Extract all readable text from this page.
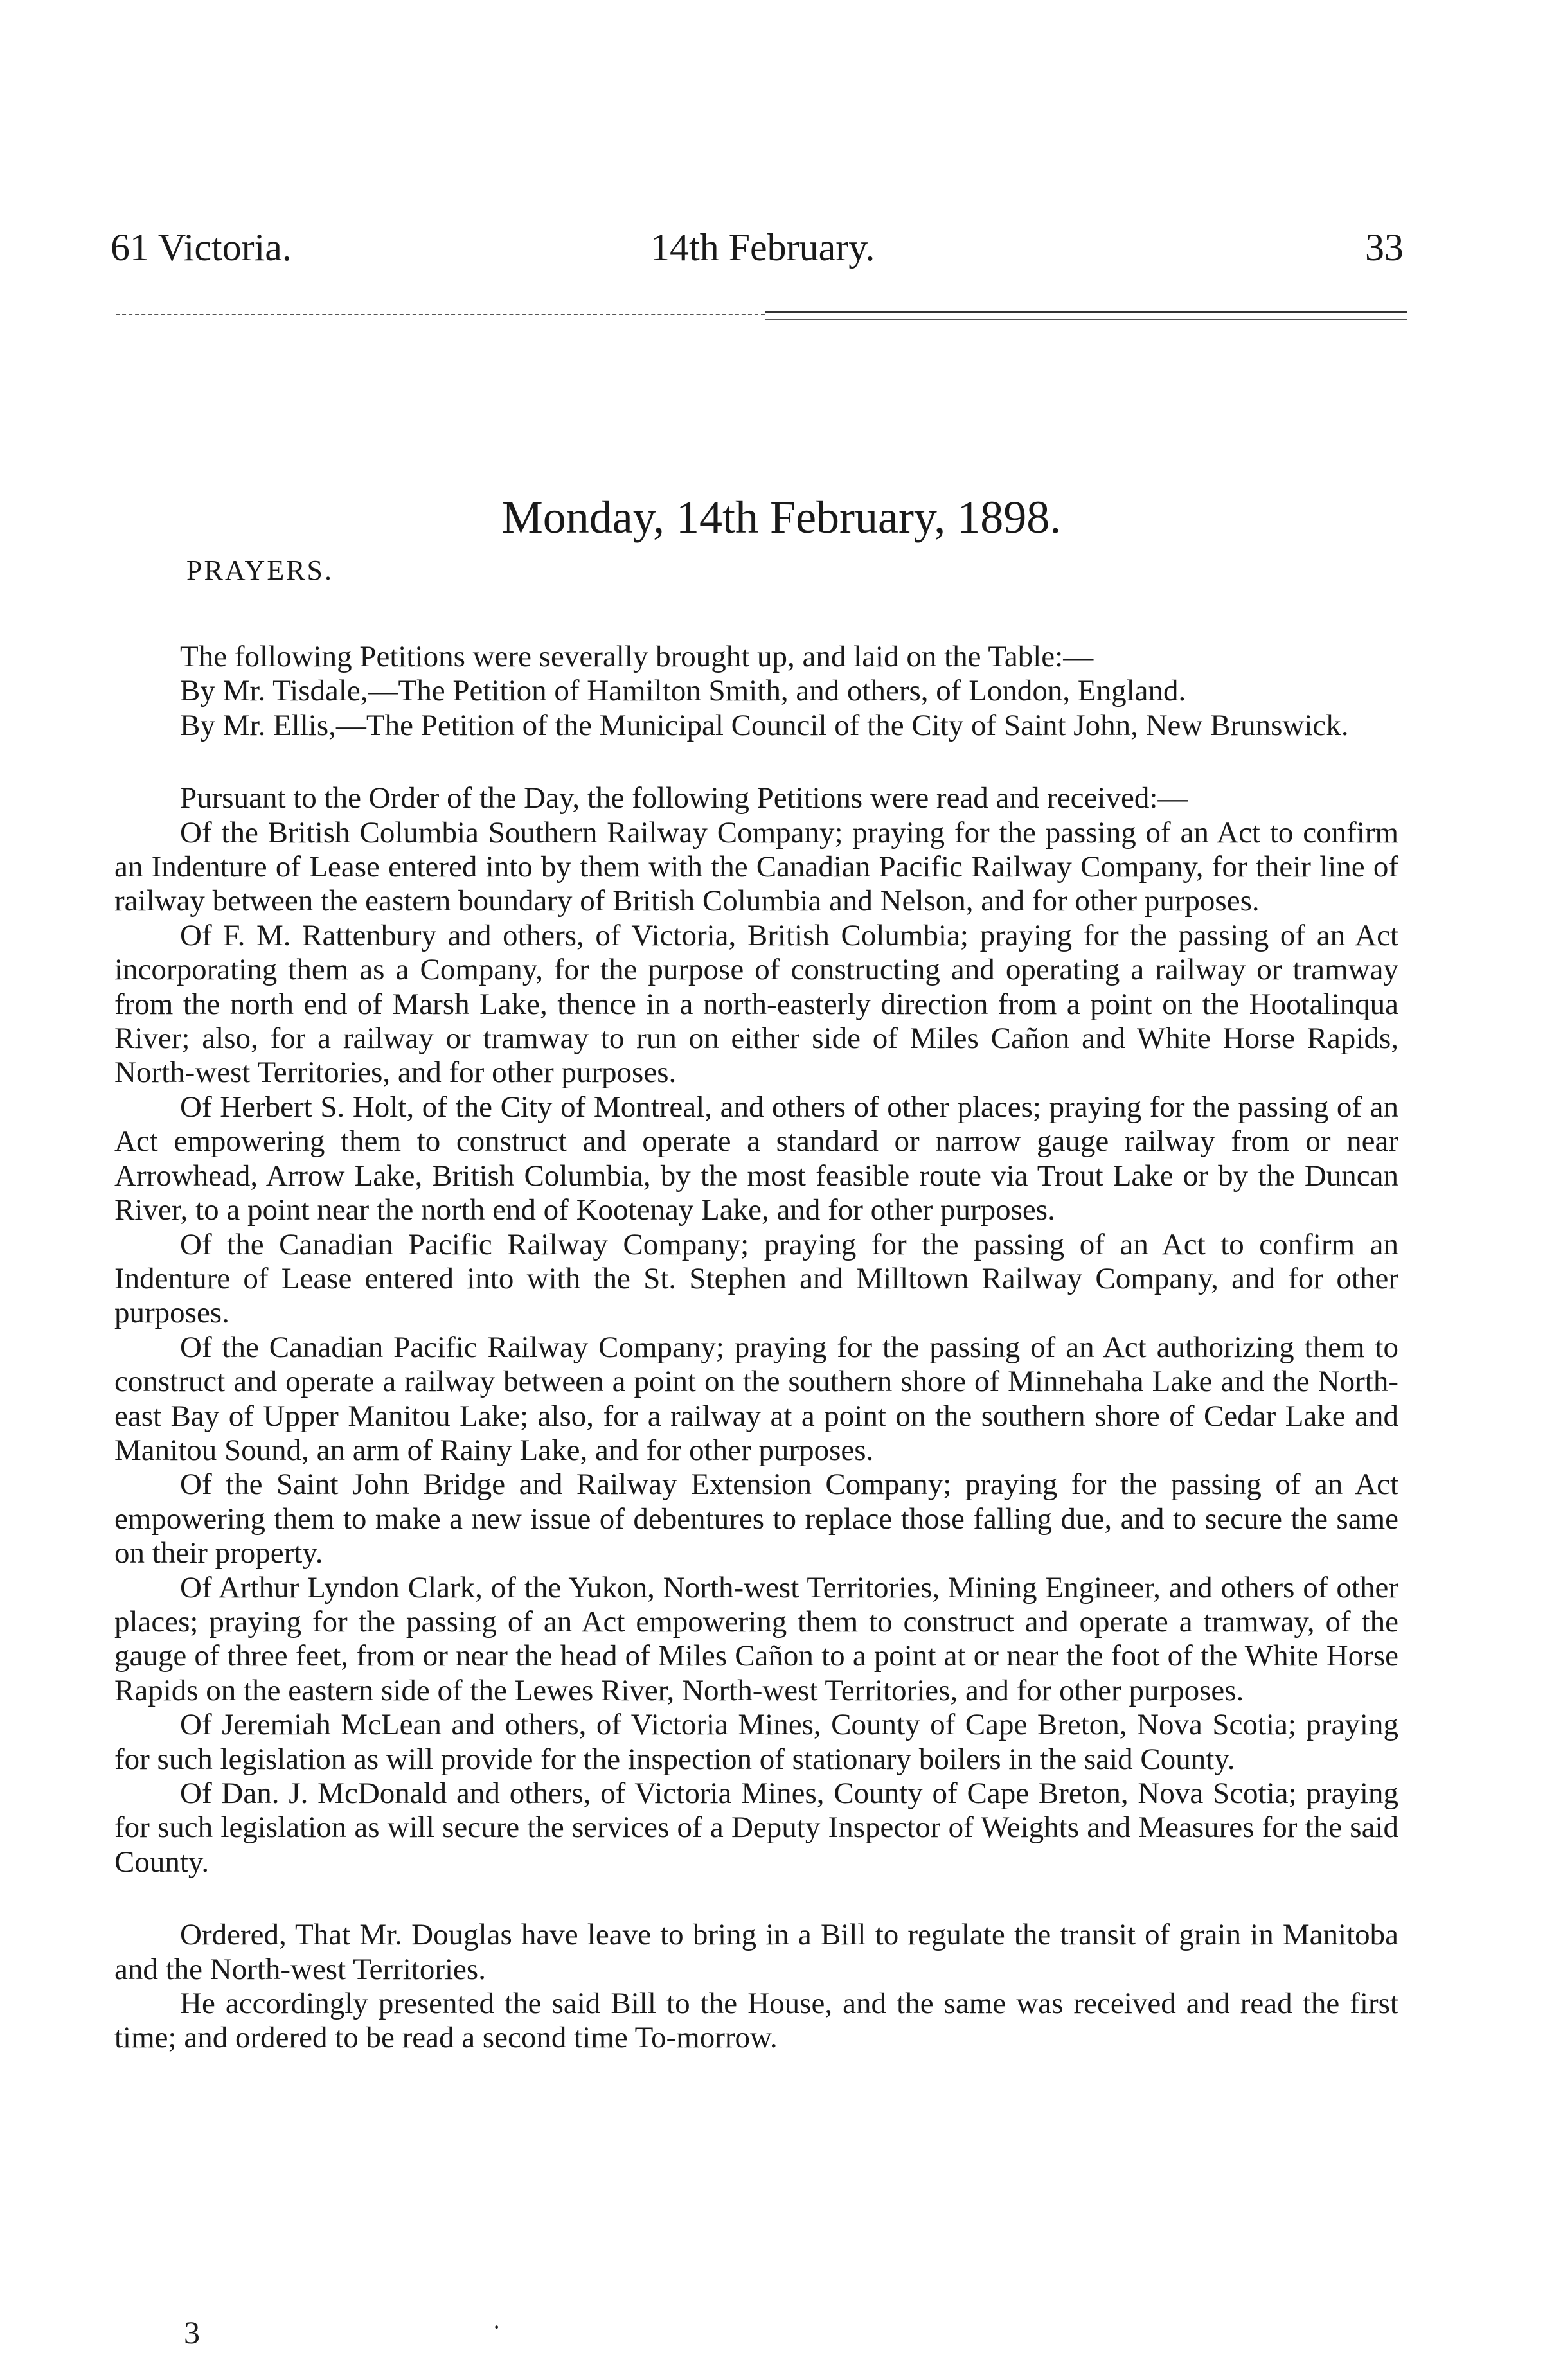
61 Victoria.	14th February.	33
Monday, 14th February, 1898.
PRAYERS.

The following Petitions were severally brought up, and laid on the Table:—

By Mr. Tisdale,—The Petition of Hamilton Smith, and others, of London, England.

By Mr. Ellis,—The Petition of the Municipal Council of the City of Saint John, New Brunswick.

Pursuant to the Order of the Day, the following Petitions were read and received:—

Of the British Columbia Southern Railway Company; praying for the passing of an Act to confirm an Indenture of Lease entered into by them with the Canadian Pacific Railway Company, for their line of railway between the eastern boundary of British Columbia and Nelson, and for other purposes.

Of F. M. Rattenbury and others, of Victoria, British Columbia; praying for the passing of an Act incorporating them as a Company, for the purpose of constructing and operating a railway or tramway from the north end of Marsh Lake, thence in a north-easterly direction from a point on the Hootalinqua River; also, for a railway or tramway to run on either side of Miles Cañon and White Horse Rapids, North-west Territories, and for other purposes.

Of Herbert S. Holt, of the City of Montreal, and others of other places; praying for the passing of an Act empowering them to construct and operate a standard or narrow gauge railway from or near Arrowhead, Arrow Lake, British Columbia, by the most feasible route via Trout Lake or by the Duncan River, to a point near the north end of Kootenay Lake, and for other purposes.

Of the Canadian Pacific Railway Company; praying for the passing of an Act to confirm an Indenture of Lease entered into with the St. Stephen and Milltown Railway Company, and for other purposes.

Of the Canadian Pacific Railway Company; praying for the passing of an Act authorizing them to construct and operate a railway between a point on the southern shore of Minnehaha Lake and the North-east Bay of Upper Manitou Lake; also, for a railway at a point on the southern shore of Cedar Lake and Manitou Sound, an arm of Rainy Lake, and for other purposes.

Of the Saint John Bridge and Railway Extension Company; praying for the passing of an Act empowering them to make a new issue of debentures to replace those falling due, and to secure the same on their property.

Of Arthur Lyndon Clark, of the Yukon, North-west Territories, Mining Engineer, and others of other places; praying for the passing of an Act empowering them to construct and operate a tramway, of the gauge of three feet, from or near the head of Miles Cañon to a point at or near the foot of the White Horse Rapids on the eastern side of the Lewes River, North-west Territories, and for other purposes.

Of Jeremiah McLean and others, of Victoria Mines, County of Cape Breton, Nova Scotia; praying for such legislation as will provide for the inspection of stationary boilers in the said County.

Of Dan. J. McDonald and others, of Victoria Mines, County of Cape Breton, Nova Scotia; praying for such legislation as will secure the services of a Deputy Inspector of Weights and Measures for the said County.

Ordered, That Mr. Douglas have leave to bring in a Bill to regulate the transit of grain in Manitoba and the North-west Territories.

He accordingly presented the said Bill to the House, and the same was received and read the first time; and ordered to be read a second time To-morrow.

3	·
